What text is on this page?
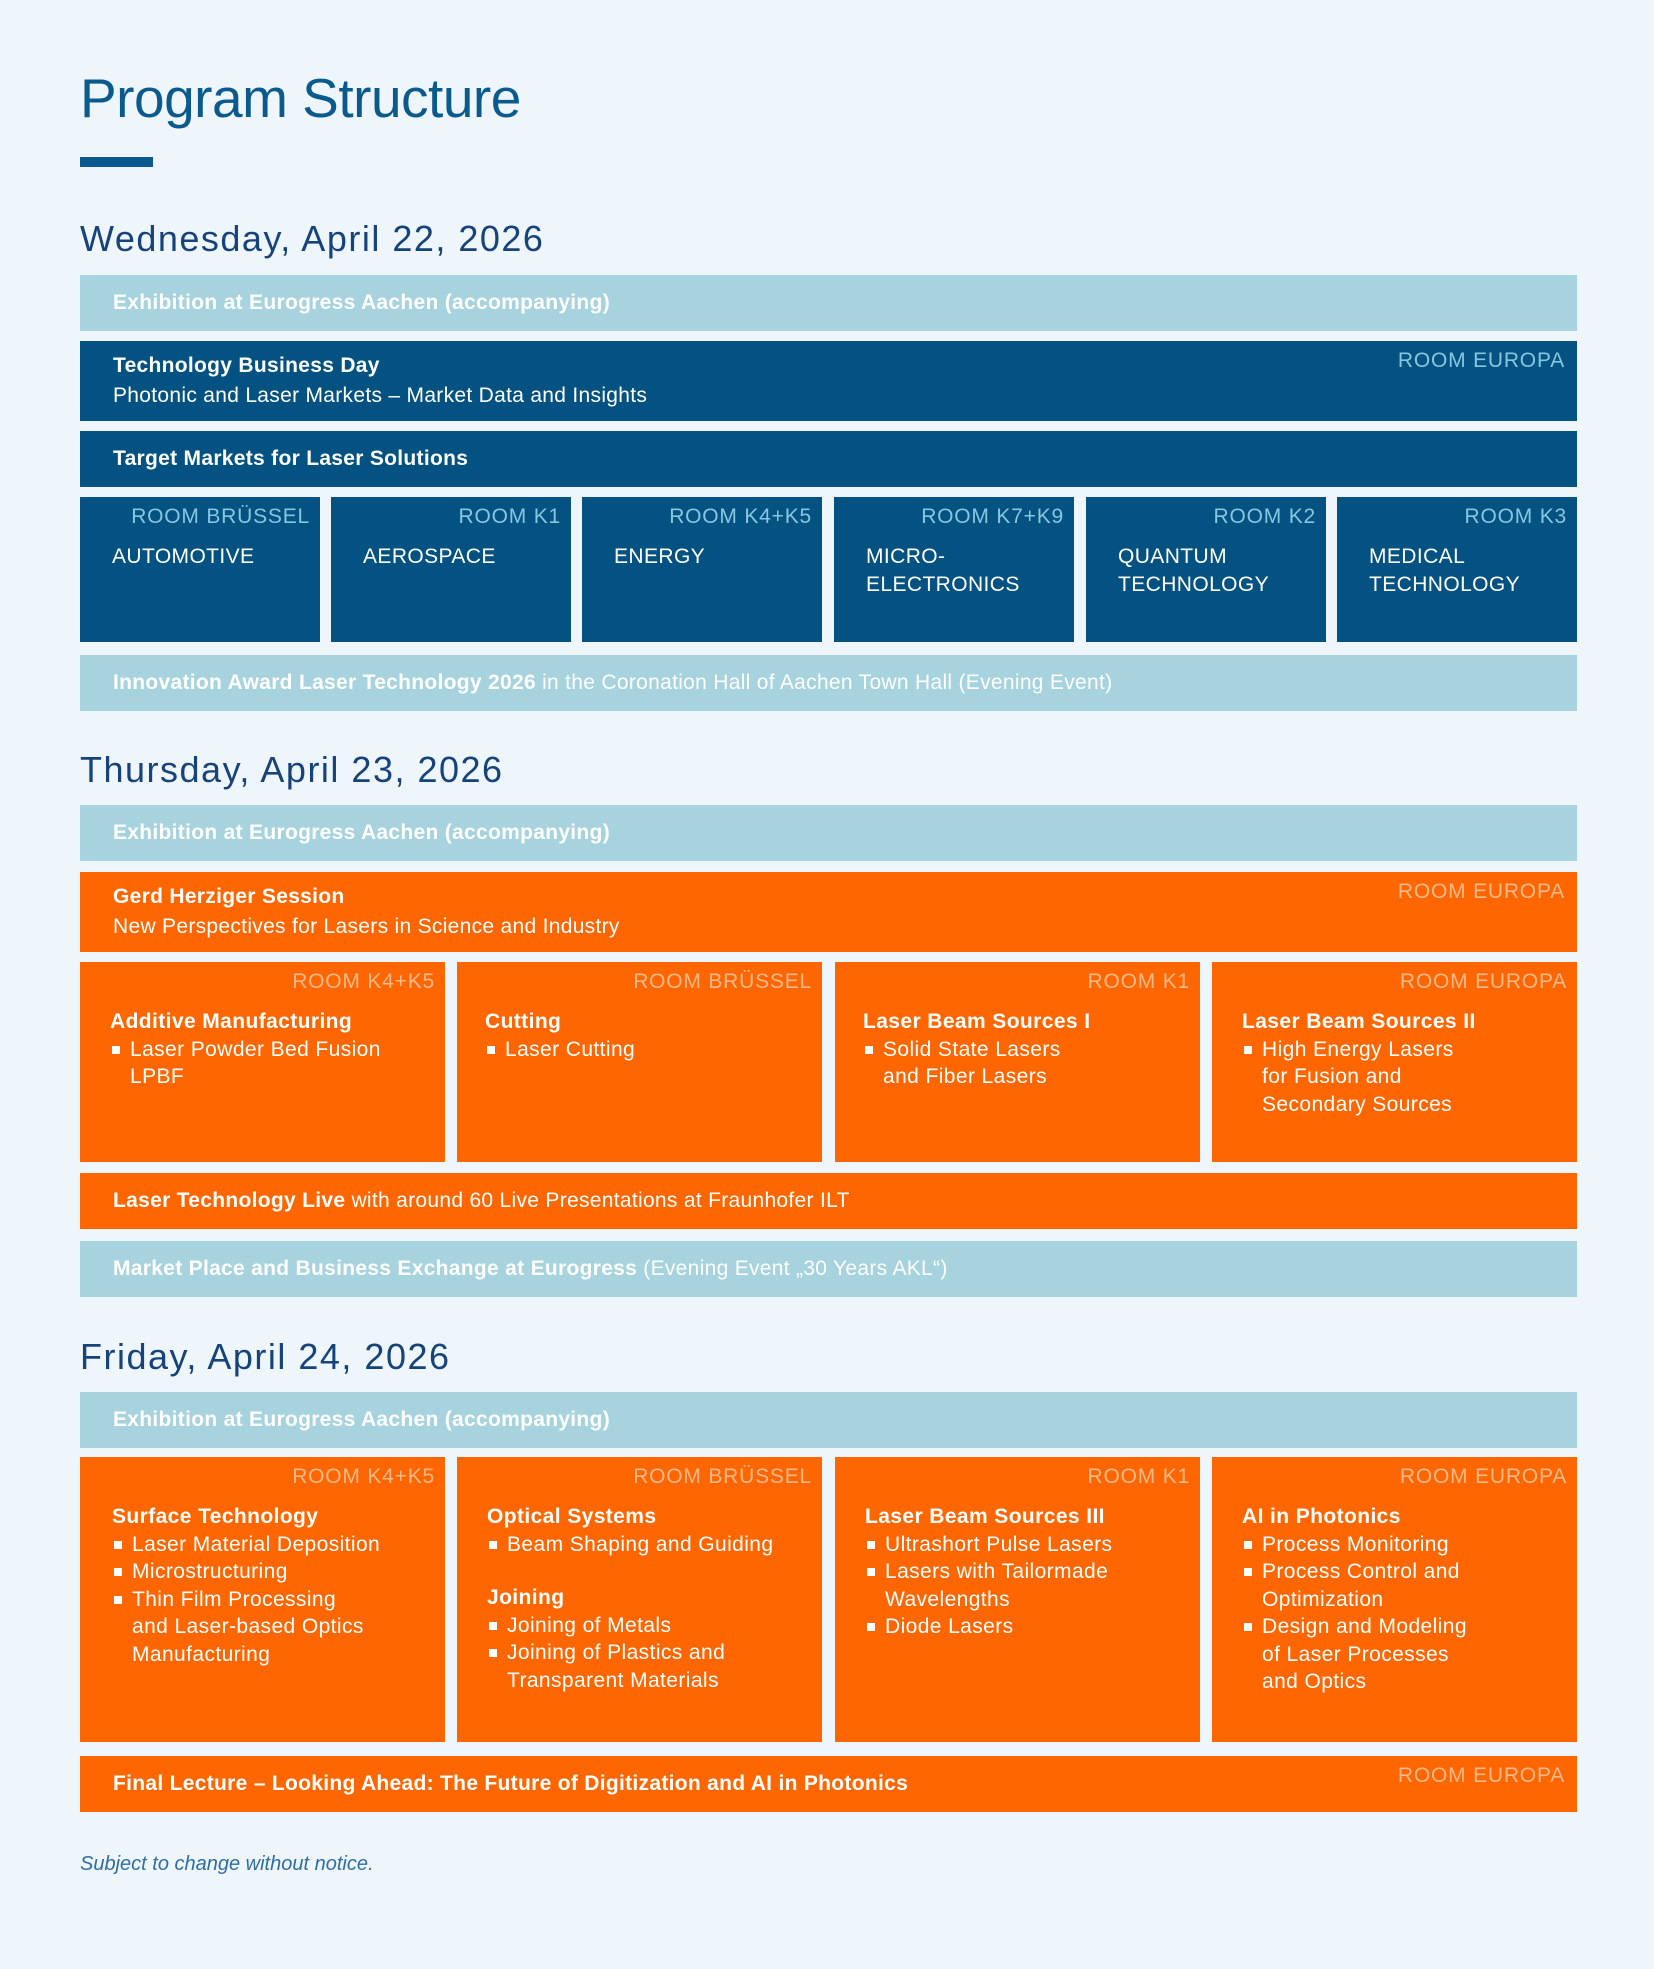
Program Structure
Wednesday, April 22, 2026
Exhibition at Eurogress Aachen (accompanying)
ROOM EUROPA
Technology Business Day
Photonic and Laser Markets – Market Data and Insights
Target Markets for Laser Solutions
ROOM BRÜSSEL
AUTOMOTIVE
ROOM K1
AEROSPACE
ROOM K4+K5
ENERGY
ROOM K7+K9
MICRO-
ELECTRONICS
ROOM K2
QUANTUM
TECHNOLOGY
ROOM K3
MEDICAL
TECHNOLOGY
Innovation Award Laser Technology 2026 in the Coronation Hall of Aachen Town Hall (Evening Event)
Thursday, April 23, 2026
Exhibition at Eurogress Aachen (accompanying)
ROOM EUROPA
Gerd Herziger Session
New Perspectives for Lasers in Science and Industry
ROOM K4+K5
Additive Manufacturing
Laser Powder Bed Fusion
LPBF
ROOM BRÜSSEL
Cutting
Laser Cutting
ROOM K1
Laser Beam Sources I
Solid State Lasers
and Fiber Lasers
ROOM EUROPA
Laser Beam Sources II
High Energy Lasers
for Fusion and
Secondary Sources
Laser Technology Live with around 60 Live Presentations at Fraunhofer ILT
Market Place and Business Exchange at Eurogress (Evening Event „30 Years AKL“)
Friday, April 24, 2026
Exhibition at Eurogress Aachen (accompanying)
ROOM K4+K5
Surface Technology
Laser Material Deposition
Microstructuring
Thin Film Processing
and Laser-based Optics
Manufacturing
ROOM BRÜSSEL
Optical Systems
Beam Shaping and Guiding
Joining
Joining of Metals
Joining of Plastics and
Transparent Materials
ROOM K1
Laser Beam Sources III
Ultrashort Pulse Lasers
Lasers with Tailormade
Wavelengths
Diode Lasers
ROOM EUROPA
AI in Photonics
Process Monitoring
Process Control and
Optimization
Design and Modeling
of Laser Processes
and Optics
ROOM EUROPA
Final Lecture – Looking Ahead: The Future of Digitization and AI in Photonics
Subject to change without notice.
